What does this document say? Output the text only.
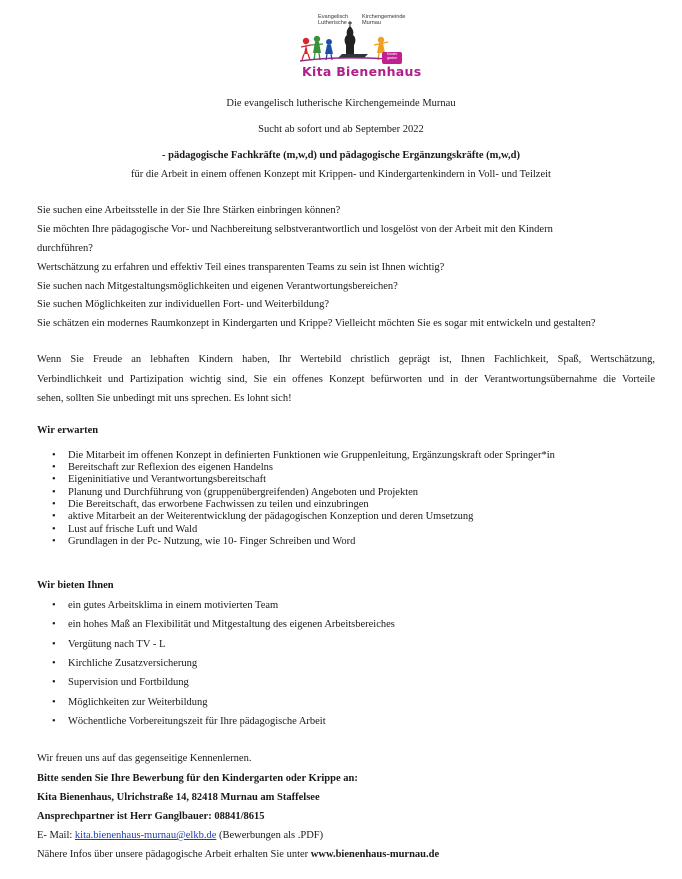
Evangelisch
Lutherische
Kirchengemeinde
Murnau
Kinder garten
Kita Bienenhaus
Die evangelisch lutherische Kirchengemeinde Murnau
Sucht ab sofort und ab September 2022
- pädagogische Fachkräfte (m,w,d) und pädagogische Ergänzungskräfte (m,w,d)
für die Arbeit in einem offenen Konzept mit Krippen- und Kindergartenkindern in Voll- und Teilzeit
Sie suchen eine Arbeitsstelle in der Sie Ihre Stärken einbringen können?
Sie möchten Ihre pädagogische Vor- und Nachbereitung selbstverantwortlich und losgelöst von der Arbeit mit den Kindern
durchführen?
Wertschätzung zu erfahren und effektiv Teil eines transparenten Teams zu sein ist Ihnen wichtig?
Sie suchen nach Mitgestaltungsmöglichkeiten und eigenen Verantwortungsbereichen?
Sie suchen Möglichkeiten zur individuellen Fort- und Weiterbildung?
Sie schätzen ein modernes Raumkonzept in Kindergarten und Krippe? Vielleicht möchten Sie es sogar mit entwickeln und gestalten?
Wenn Sie Freude an lebhaften Kindern haben, Ihr Wertebild christlich geprägt ist, Ihnen Fachlichkeit, Spaß, Wertschätzung,
Verbindlichkeit und Partizipation wichtig sind, Sie ein offenes Konzept befürworten und in der Verantwortungsübernahme die Vorteile
sehen, sollten Sie unbedingt mit uns sprechen. Es lohnt sich!
Wir erwarten
• Die Mitarbeit im offenen Konzept in definierten Funktionen wie Gruppenleitung, Ergänzungskraft oder Springer*in
• Bereitschaft zur Reflexion des eigenen Handelns
• Eigeninitiative und Verantwortungsbereitschaft
• Planung und Durchführung von (gruppenübergreifenden) Angeboten und Projekten
• Die Bereitschaft, das erworbene Fachwissen zu teilen und einzubringen
• aktive Mitarbeit an der Weiterentwicklung der pädagogischen Konzeption und deren Umsetzung
• Lust auf frische Luft und Wald
• Grundlagen in der Pc- Nutzung, wie 10- Finger Schreiben und Word
Wir bieten Ihnen
• ein gutes Arbeitsklima in einem motivierten Team
• ein hohes Maß an Flexibilität und Mitgestaltung des eigenen Arbeitsbereiches
• Vergütung nach TV - L
• Kirchliche Zusatzversicherung
• Supervision und Fortbildung
• Möglichkeiten zur Weiterbildung
• Wöchentliche Vorbereitungszeit für Ihre pädagogische Arbeit
Wir freuen uns auf das gegenseitige Kennenlernen.
Bitte senden Sie Ihre Bewerbung für den Kindergarten oder Krippe an:
Kita Bienenhaus, Ulrichstraße 14, 82418 Murnau am Staffelsee
Ansprechpartner ist Herr Ganglbauer: 08841/8615
E- Mail: kita.bienenhaus-murnau@elkb.de (Bewerbungen als .PDF)
Nähere Infos über unsere pädagogische Arbeit erhalten Sie unter www.bienenhaus-murnau.de
